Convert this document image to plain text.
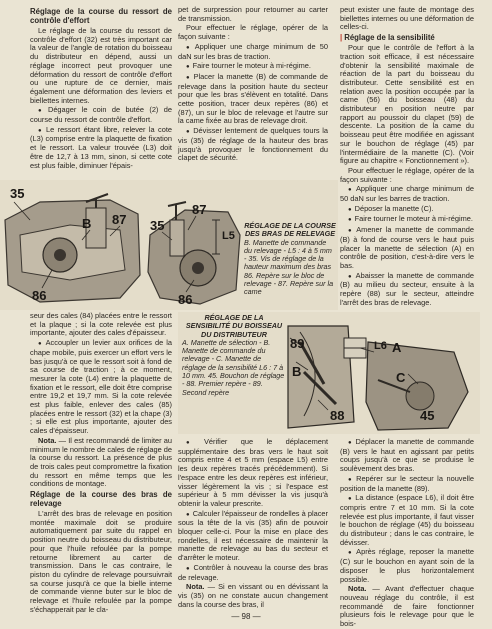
Réglage de la course du ressort de contrôle d'effort

Le réglage de la course du ressort de contrôle d'effort (32) est très important car la valeur de l'angle de rotation du boisseau du distributeur en dépend, aussi un réglage incorrect peut provoquer une déformation du ressort de contrôle d'effort ou une rupture de ce dernier, mais également une déformation des leviers et biellettes internes.

● Dégager le coin de butée (2) de course du ressort de contrôle d'effort.

● Le ressort étant libre, relever la cote (L3) comprise entre la plaquette de fixation et le ressort. La valeur trouvée (L3) doit être de 12,7 à 13 mm, sinon, si cette cote est plus faible, diminuer l'épais-

pet de surpression pour retourner au carter de transmission.

Pour effectuer le réglage, opérer de la façon suivante :

● Appliquer une charge minimum de 50 daN sur les bras de traction.

● Faire tourner le moteur à mi-régime.

● Placer la manette (B) de commande de relevage dans la position haute du secteur pour que les bras s'élèvent en totalité. Dans cette position, tracer deux repères (86) et (87), un sur le bloc de relevage et l'autre sur la came fixée au bras de relevage droit.

● Dévisser lentement de quelques tours la vis (35) de réglage de la hauteur des bras jusqu'à provoquer le fonctionnement du clapet de sécurité.

peut exister une faute de montage des biellettes internes ou une déformation de celles-ci.

| Réglage de la sensibilité

Pour que le contrôle de l'effort à la traction soit efficace, il est nécessaire d'obtenir la sensibilité maximale de réaction de la part du boisseau du distributeur. Cette sensibilité est en relation avec la position occupée par la came (56) du boisseau (48) du distributeur en position neutre par rapport au poussoir du clapet (59) de descente. La position de la came du boisseau peut être modifiée en agissant sur le bouchon de réglage (45) par l'intermédiaire de la manette (C). (Voir figure au chapitre « Fonctionnement »).

Pour effectuer le réglage, opérer de la façon suivante :

● Appliquer une charge minimum de 50 daN sur les barres de traction.

● Déposer la manette (C).

● Faire tourner le moteur à mi-régime.

● Amener la manette de commande (B) à fond de course vers le haut puis placer la manette de sélection (A) en contrôle de position, c'est-à-dire vers le bas.

● Abaisser la manette de commande (B) au milieu du secteur, ensuite à la repère (88) sur le secteur, atteindre l'arrêt des bras de relevage.

35
B 87 35
87
L5
86	86
RÉGLAGE DE LA COURSE DES BRAS DE RELEVAGE
B. Manette de commande du relevage - L5 : 4 à 5 mm - 35. Vis de réglage de la hauteur maximum des bras 86. Repère sur le bloc de relevage - 87. Repère sur la came

seur des cales (84) placées entre le ressort et la plaque ; si la cote relevée est plus importante, ajouter des cales d'épaisseur.

● Accoupler un levier aux orifices de la chape mobile, puis exercer un effort vers le bas jusqu'à ce que le ressort soit à fond de sa course de traction ; à ce moment, mesurer la cote (L4) entre la plaquette de fixation et le ressort, elle doit être comprise entre 19,2 et 19,7 mm. Si la cote relevée est plus faible, enlever des cales (85) placées entre le ressort (32) et la chape (3) ; si elle est plus importante, ajouter des cales d'épaisseur.

Nota. — Il est recommandé de limiter au minimum le nombre de cales de réglage de la course du ressort. La présence de plus de trois cales peut compromettre la fixation du ressort en même temps que les conditions de montage.

Réglage de la course des bras de relevage

L'arrêt des bras de relevage en position montée maximale doit se produire automatiquement par suite du rappel en position neutre du boisseau du distributeur, pour que l'huile refoulée par la pompe retourne librement au carter de transmission. Dans le cas contraire, le piston du cylindre de relevage poursuivrait sa course jusqu'à ce que la bielle interne de commande vienne buter sur le bloc de relevage et l'huile refoulée par la pompe s'échapperait par le cla-

RÉGLAGE DE LA SENSIBILITÉ DU BOISSEAU DU DISTRIBUTEUR
A. Manette de sélection - B. Manette de commande du relevage - C. Manette de réglage de la sensibilité L6 : 7 à 10 mm. 45. Bouchon de réglage - 88. Premier repère - 89. Second repère
89
B
L6 A
88
C
45

● Vérifier que le déplacement supplémentaire des bras vers le haut soit compris entre 4 et 5 mm (espace L5) entre les deux repères tracés précédemment). Si l'espace entre les deux repères est inférieur, visser légèrement la vis ; si l'espace est supérieur à 5 mm dévisser la vis jusqu'à obtenir la valeur prescrite.

● Calculer l'épaisseur de rondelles à placer sous la tête de la vis (35) afin de pouvoir bloquer celle-ci. Pour la mise en place des rondelles, il est nécessaire de maintenir la manette de relevage au bas du secteur et d'arrêter le moteur.

● Contrôler à nouveau la course des bras de relevage.

Nota. — Si en vissant ou en dévissant la vis (35) on ne constate aucun changement dans la course des bras, il

● Déplacer la manette de commande (B) vers le haut en agissant par petits coups jusqu'à ce que se produise le soulèvement des bras.

● Repérer sur le secteur la nouvelle position de la manette (89).

● La distance (espace L6), il doit être compris entre 7 et 10 mm. Si la cote relevée est plus importante, il faut visser le bouchon de réglage (45) du boisseau du distributeur ; dans le cas contraire, le dévisser.

● Après réglage, reposer la manette (C) sur le bouchon en ayant soin de la disposer le plus horizontalement possible.

Nota. — Avant d'effectuer chaque nouveau réglage du contrôle, il est recommandé de faire fonctionner plusieurs fois le relevage pour que le bois-

— 98 —
